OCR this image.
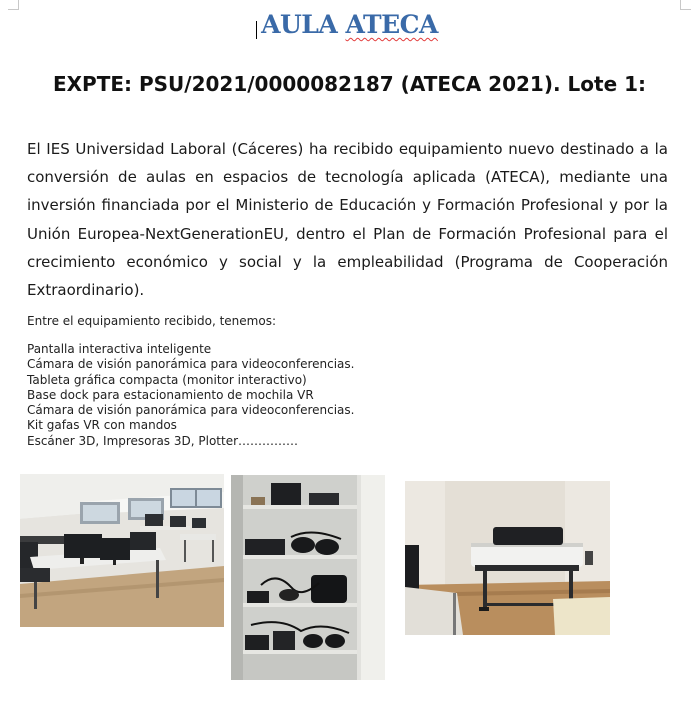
AULA ATECA
EXPTE: PSU/2021/0000082187 (ATECA 2021). Lote 1:
El IES Universidad Laboral (Cáceres) ha recibido equipamiento nuevo destinado a la conversión de aulas en espacios de tecnología aplicada (ATECA), mediante una inversión financiada por el Ministerio de Educación y Formación Profesional y por la Unión Europea-NextGenerationEU, dentro el Plan de Formación Profesional para el crecimiento económico y social y la empleabilidad (Programa de Cooperación Extraordinario).
Entre el equipamiento recibido, tenemos:
Pantalla interactiva inteligente
Cámara de visión panorámica para videoconferencias.
Tableta gráfica compacta (monitor interactivo)
Base dock para estacionamiento de mochila VR
Cámara de visión panorámica para videoconferencias.
Kit gafas VR con mandos
Escáner 3D, Impresoras 3D, Plotter……………
